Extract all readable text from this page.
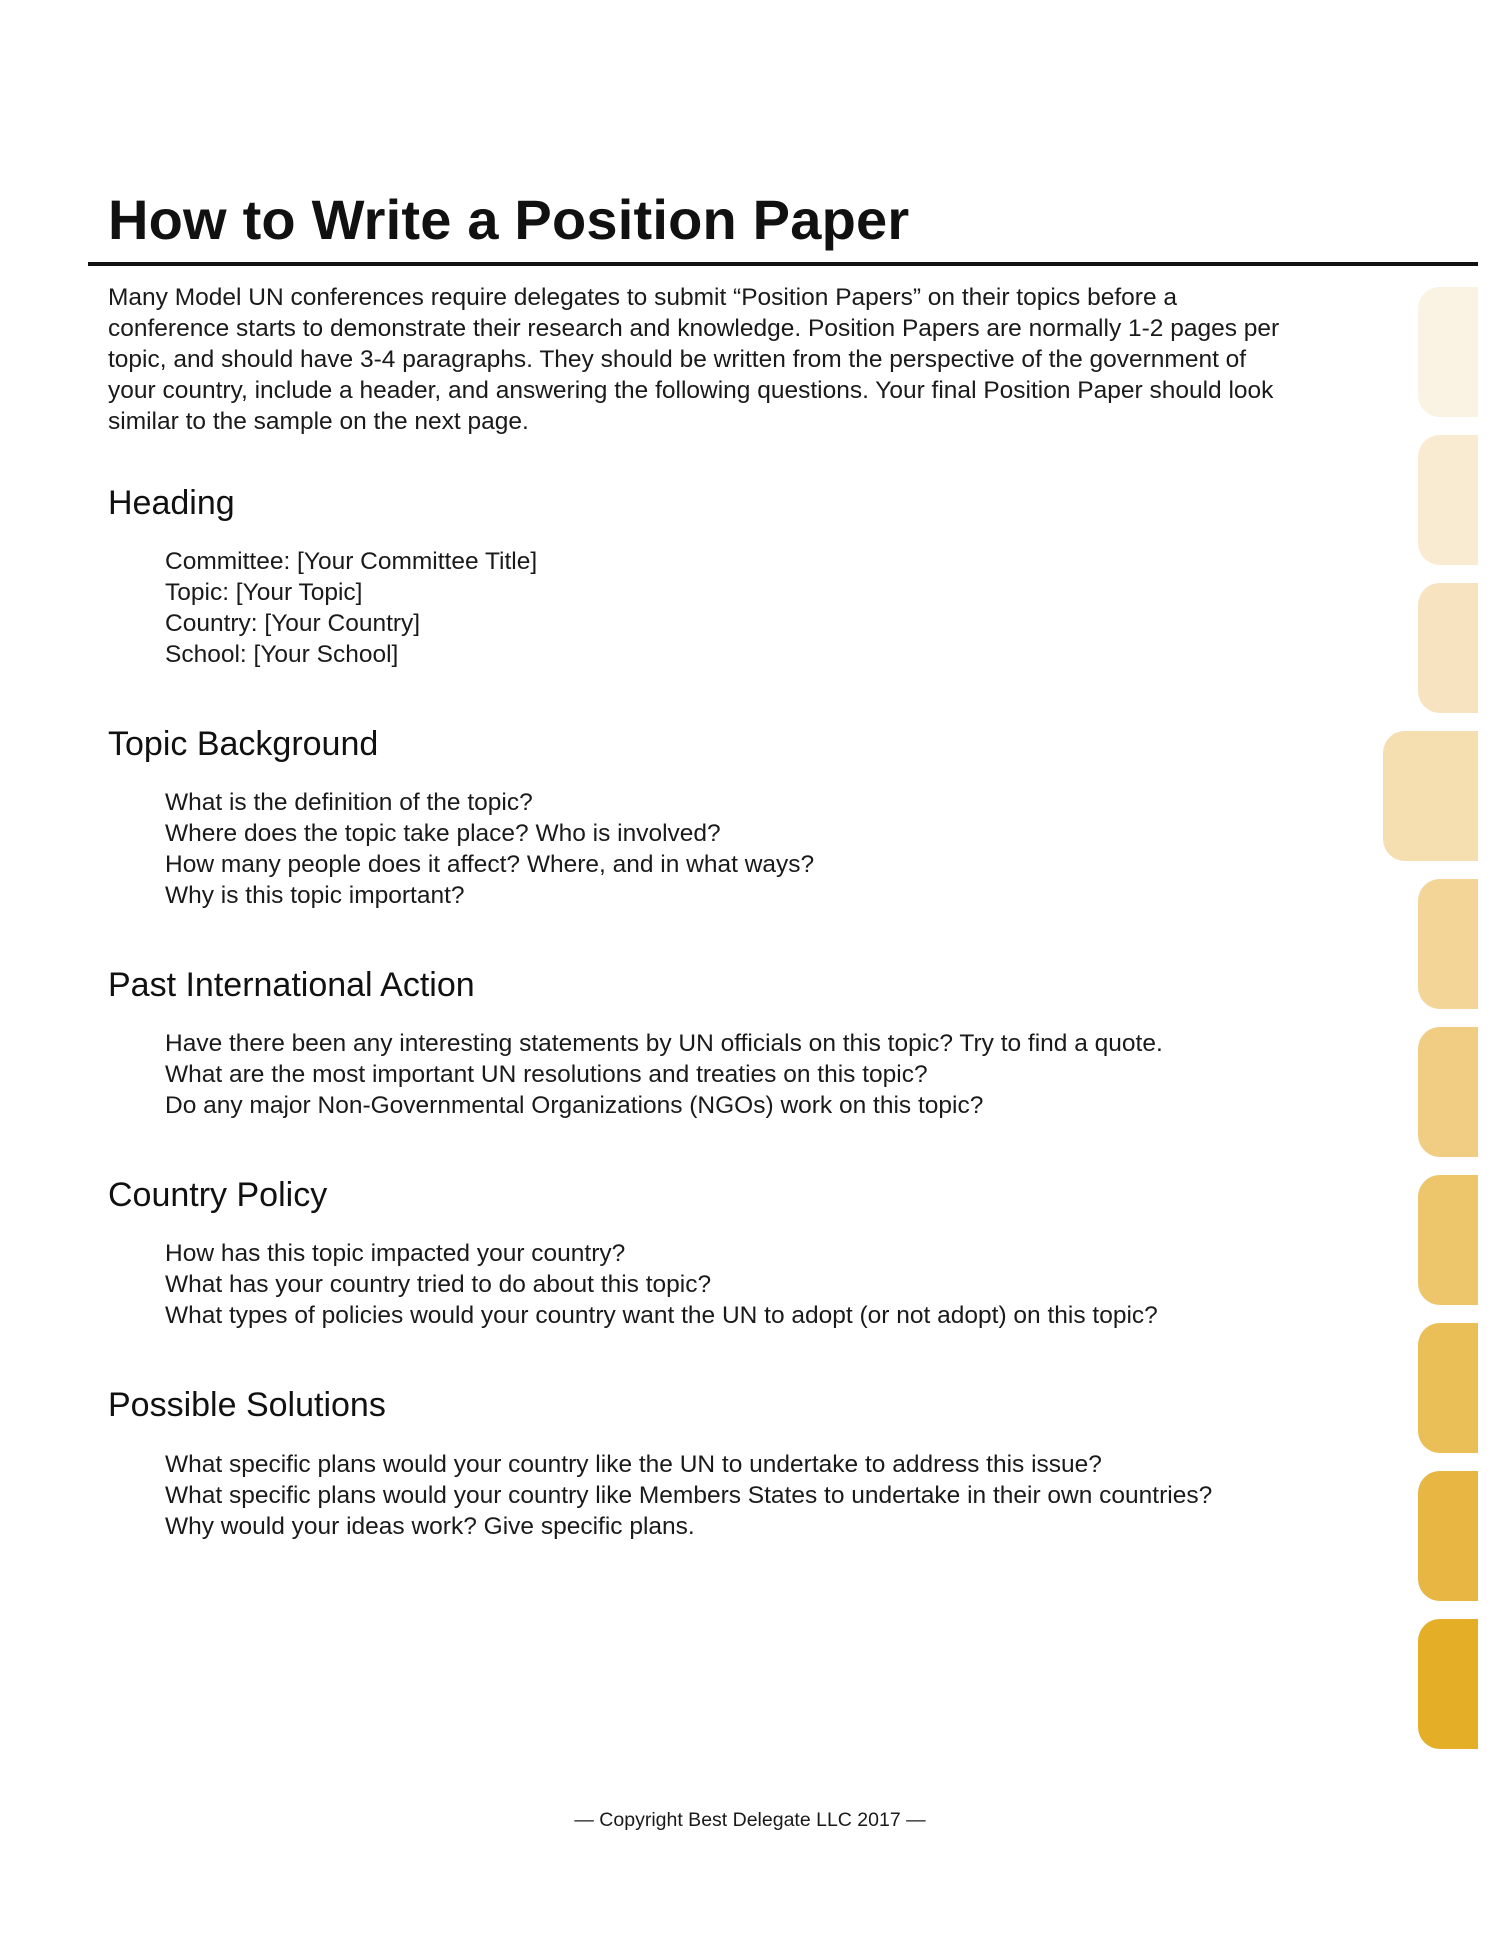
How to Write a Position Paper

Many Model UN conferences require delegates to submit “Position Papers” on their topics before a conference starts to demonstrate their research and knowledge. Position Papers are normally 1-2 pages per topic, and should have 3-4 paragraphs. They should be written from the perspective of the government of your country, include a header, and answering the following questions. Your final Position Paper should look similar to the sample on the next page.

Heading
Committee: [Your Committee Title]
Topic: [Your Topic]
Country: [Your Country]
School: [Your School]
Topic Background
What is the definition of the topic?
Where does the topic take place? Who is involved?
How many people does it affect? Where, and in what ways?
Why is this topic important?
Past International Action
Have there been any interesting statements by UN officials on this topic? Try to find a quote.
What are the most important UN resolutions and treaties on this topic?
Do any major Non-Governmental Organizations (NGOs) work on this topic?
Country Policy
How has this topic impacted your country?
What has your country tried to do about this topic?
What types of policies would your country want the UN to adopt (or not adopt) on this topic?
Possible Solutions
What specific plans would your country like the UN to undertake to address this issue?
What specific plans would your country like Members States to undertake in their own countries?
Why would your ideas work? Give specific plans.
— Copyright Best Delegate LLC 2017 —
